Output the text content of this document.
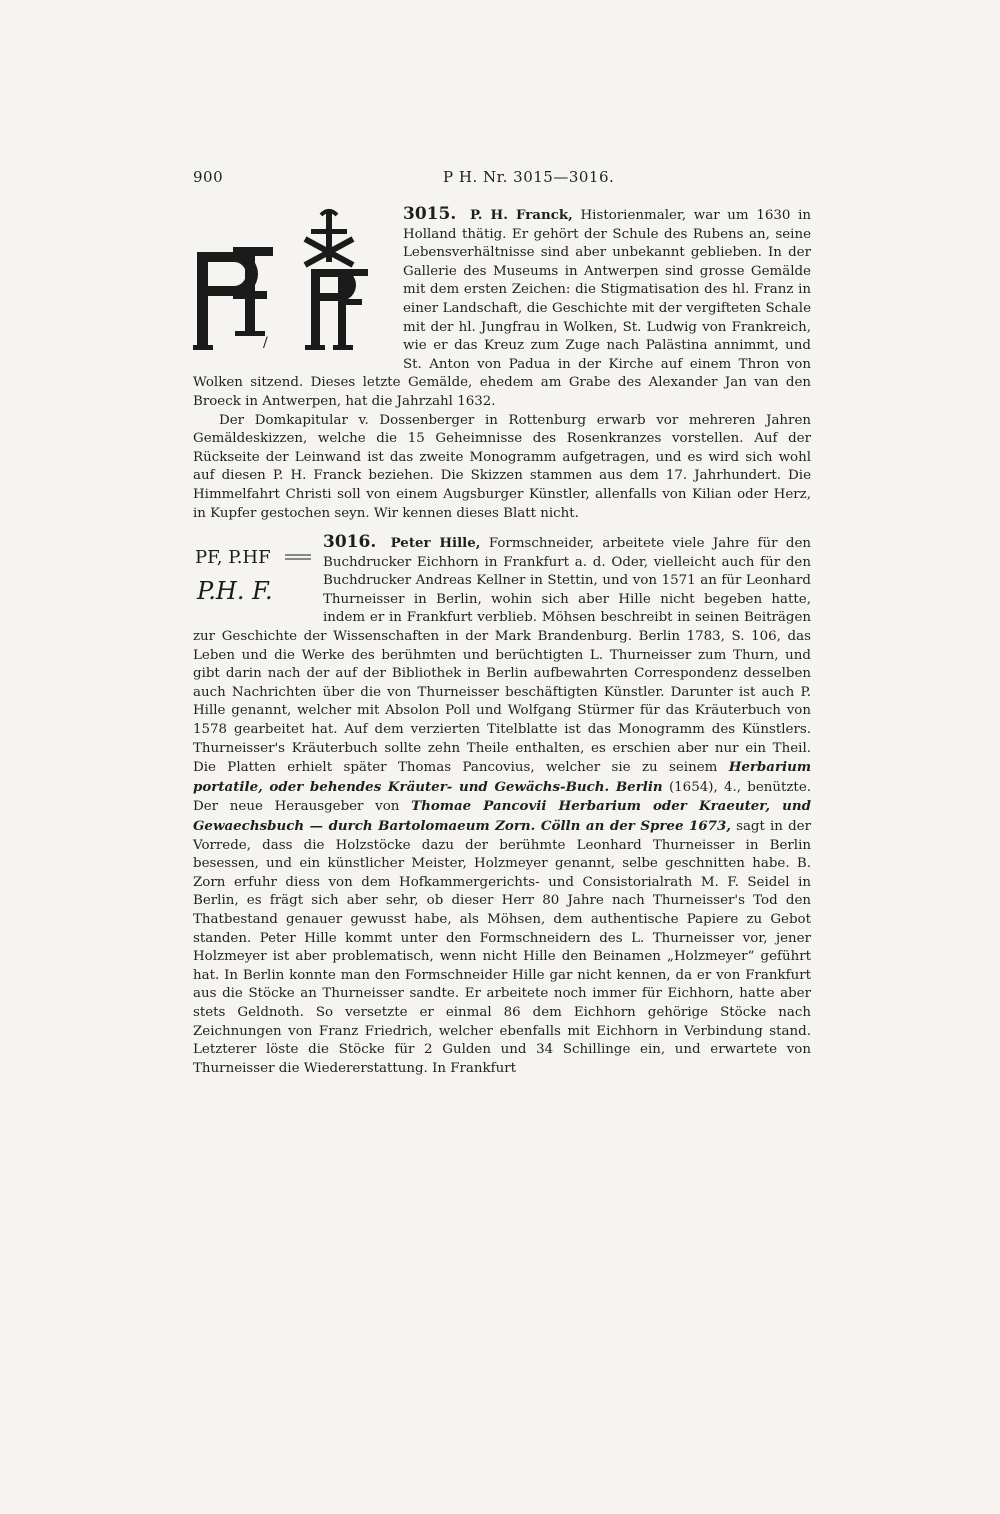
900	P H. Nr. 3015—3016.
/

3015. P. H. Franck, Historienmaler, war um 1630 in Holland thätig. Er gehört der Schule des Rubens an, seine Lebensverhältnisse sind aber unbekannt geblieben. In der Gallerie des Museums in Antwerpen sind grosse Gemälde mit dem ersten Zeichen: die Stigmatisation des hl. Franz in einer Landschaft, die Geschichte mit der vergifteten Schale mit der hl. Jungfrau in Wolken, St. Ludwig von Frankreich, wie er das Kreuz zum Zuge nach Palästina annimmt, und St. Anton von Padua in der Kirche auf einem Thron von Wolken sitzend. Dieses letzte Gemälde, ehedem am Grabe des Alexander Jan van den Broeck in Antwerpen, hat die Jahrzahl 1632.

Der Domkapitular v. Dossenberger in Rottenburg erwarb vor mehreren Jahren Gemäldeskizzen, welche die 15 Geheimnisse des Rosenkranzes vorstellen. Auf der Rückseite der Leinwand ist das zweite Monogramm aufgetragen, und es wird sich wohl auf diesen P. H. Franck beziehen. Die Skizzen stammen aus dem 17. Jahrhundert. Die Himmelfahrt Christi soll von einem Augsburger Künstler, allenfalls von Kilian oder Herz, in Kupfer gestochen seyn. Wir kennen dieses Blatt nicht.

PF, P.HF
P.H. F.

3016. Peter Hille, Formschneider, arbeitete viele Jahre für den Buchdrucker Eichhorn in Frankfurt a. d. Oder, vielleicht auch für den Buchdrucker Andreas Kellner in Stettin, und von 1571 an für Leonhard Thurneisser in Berlin, wohin sich aber Hille nicht begeben hatte, indem er in Frankfurt verblieb. Möhsen beschreibt in seinen Beiträgen zur Geschichte der Wissenschaften in der Mark Brandenburg. Berlin 1783, S. 106, das Leben und die Werke des berühmten und berüchtigten L. Thurneisser zum Thurn, und gibt darin nach der auf der Bibliothek in Berlin aufbewahrten Correspondenz desselben auch Nachrichten über die von Thurneisser beschäftigten Künstler. Darunter ist auch P. Hille genannt, welcher mit Absolon Poll und Wolfgang Stürmer für das Kräuterbuch von 1578 gearbeitet hat. Auf dem verzierten Titelblatte ist das Monogramm des Künstlers. Thurneisser's Kräuterbuch sollte zehn Theile enthalten, es erschien aber nur ein Theil. Die Platten erhielt später Thomas Pancovius, welcher sie zu seinem Herbarium portatile, oder behendes Kräuter- und Gewächs-Buch. Berlin (1654), 4., benützte. Der neue Herausgeber von Thomae Pancovii Herbarium oder Kraeuter, und Gewaechsbuch — durch Bartolomaeum Zorn. Cölln an der Spree 1673, sagt in der Vorrede, dass die Holzstöcke dazu der berühmte Leonhard Thurneisser in Berlin besessen, und ein künstlicher Meister, Holzmeyer genannt, selbe geschnitten habe. B. Zorn erfuhr diess von dem Hofkammergerichts- und Consistorialrath M. F. Seidel in Berlin, es frägt sich aber sehr, ob dieser Herr 80 Jahre nach Thurneisser's Tod den Thatbestand genauer gewusst habe, als Möhsen, dem authentische Papiere zu Gebot standen. Peter Hille kommt unter den Formschneidern des L. Thurneisser vor, jener Holzmeyer ist aber problematisch, wenn nicht Hille den Beinamen „Holzmeyer“ geführt hat. In Berlin konnte man den Formschneider Hille gar nicht kennen, da er von Frankfurt aus die Stöcke an Thurneisser sandte. Er arbeitete noch immer für Eichhorn, hatte aber stets Geldnoth. So versetzte er einmal 86 dem Eichhorn gehörige Stöcke nach Zeichnungen von Franz Friedrich, welcher ebenfalls mit Eichhorn in Verbindung stand. Letzterer löste die Stöcke für 2 Gulden und 34 Schillinge ein, und erwartete von Thurneisser die Wiedererstattung. In Frankfurt
